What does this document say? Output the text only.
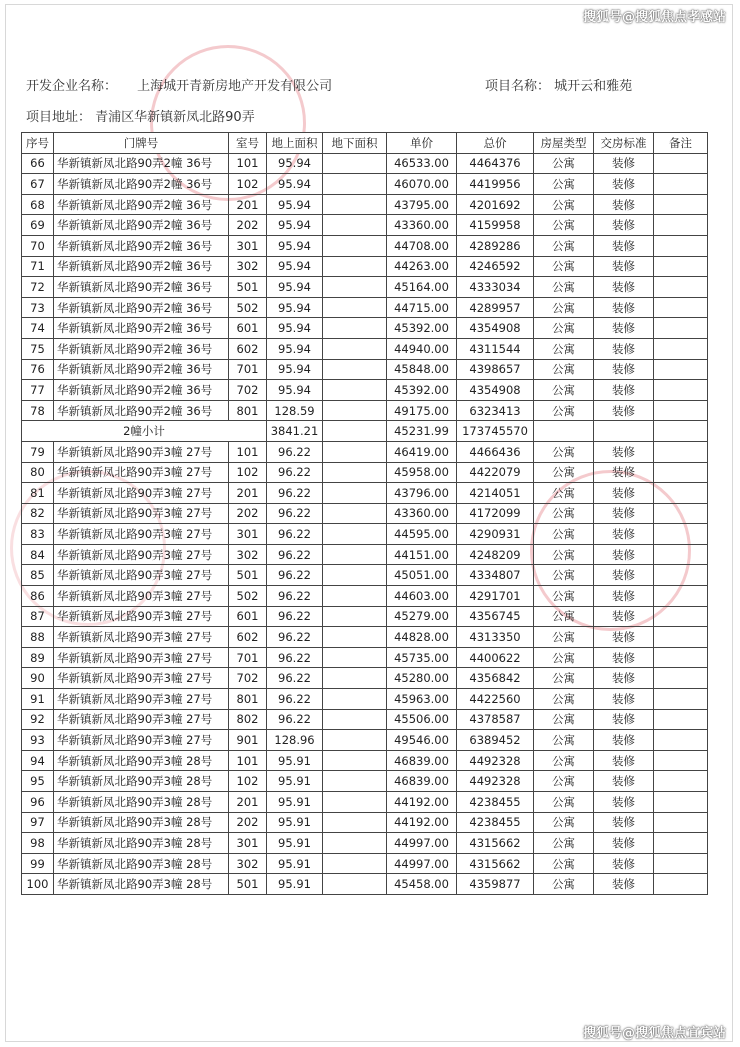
搜狐号@搜狐焦点孝感站
开发企业名称： 上海城开青新房地产开发有限公司	项目名称： 城开云和雅苑
项目地址： 青浦区华新镇新凤北路90弄
序号	门牌号	室号	地上面积	地下面积	单价	总价	房屋类型	交房标准	备注
66	华新镇新凤北路90弄2幢 36号	101	95.94		46533.00	4464376	公寓	装修	
67	华新镇新凤北路90弄2幢 36号	102	95.94		46070.00	4419956	公寓	装修	
68	华新镇新凤北路90弄2幢 36号	201	95.94		43795.00	4201692	公寓	装修	
69	华新镇新凤北路90弄2幢 36号	202	95.94		43360.00	4159958	公寓	装修	
70	华新镇新凤北路90弄2幢 36号	301	95.94		44708.00	4289286	公寓	装修	
71	华新镇新凤北路90弄2幢 36号	302	95.94		44263.00	4246592	公寓	装修	
72	华新镇新凤北路90弄2幢 36号	501	95.94		45164.00	4333034	公寓	装修	
73	华新镇新凤北路90弄2幢 36号	502	95.94		44715.00	4289957	公寓	装修	
74	华新镇新凤北路90弄2幢 36号	601	95.94		45392.00	4354908	公寓	装修	
75	华新镇新凤北路90弄2幢 36号	602	95.94		44940.00	4311544	公寓	装修	
76	华新镇新凤北路90弄2幢 36号	701	95.94		45848.00	4398657	公寓	装修	
77	华新镇新凤北路90弄2幢 36号	702	95.94		45392.00	4354908	公寓	装修	
78	华新镇新凤北路90弄2幢 36号	801	128.59		49175.00	6323413	公寓	装修	
2幢小计			3841.21		45231.99	173745570			
79	华新镇新凤北路90弄3幢 27号	101	96.22		46419.00	4466436	公寓	装修	
80	华新镇新凤北路90弄3幢 27号	102	96.22		45958.00	4422079	公寓	装修	
81	华新镇新凤北路90弄3幢 27号	201	96.22		43796.00	4214051	公寓	装修	
82	华新镇新凤北路90弄3幢 27号	202	96.22		43360.00	4172099	公寓	装修	
83	华新镇新凤北路90弄3幢 27号	301	96.22		44595.00	4290931	公寓	装修	
84	华新镇新凤北路90弄3幢 27号	302	96.22		44151.00	4248209	公寓	装修	
85	华新镇新凤北路90弄3幢 27号	501	96.22		45051.00	4334807	公寓	装修	
86	华新镇新凤北路90弄3幢 27号	502	96.22		44603.00	4291701	公寓	装修	
87	华新镇新凤北路90弄3幢 27号	601	96.22		45279.00	4356745	公寓	装修	
88	华新镇新凤北路90弄3幢 27号	602	96.22		44828.00	4313350	公寓	装修	
89	华新镇新凤北路90弄3幢 27号	701	96.22		45735.00	4400622	公寓	装修	
90	华新镇新凤北路90弄3幢 27号	702	96.22		45280.00	4356842	公寓	装修	
91	华新镇新凤北路90弄3幢 27号	801	96.22		45963.00	4422560	公寓	装修	
92	华新镇新凤北路90弄3幢 27号	802	96.22		45506.00	4378587	公寓	装修	
93	华新镇新凤北路90弄3幢 27号	901	128.96		49546.00	6389452	公寓	装修	
94	华新镇新凤北路90弄3幢 28号	101	95.91		46839.00	4492328	公寓	装修	
95	华新镇新凤北路90弄3幢 28号	102	95.91		46839.00	4492328	公寓	装修	
96	华新镇新凤北路90弄3幢 28号	201	95.91		44192.00	4238455	公寓	装修	
97	华新镇新凤北路90弄3幢 28号	202	95.91		44192.00	4238455	公寓	装修	
98	华新镇新凤北路90弄3幢 28号	301	95.91		44997.00	4315662	公寓	装修	
99	华新镇新凤北路90弄3幢 28号	302	95.91		44997.00	4315662	公寓	装修	
100	华新镇新凤北路90弄3幢 28号	501	95.91		45458.00	4359877	公寓	装修	
搜狐号@搜狐焦点宜宾站
